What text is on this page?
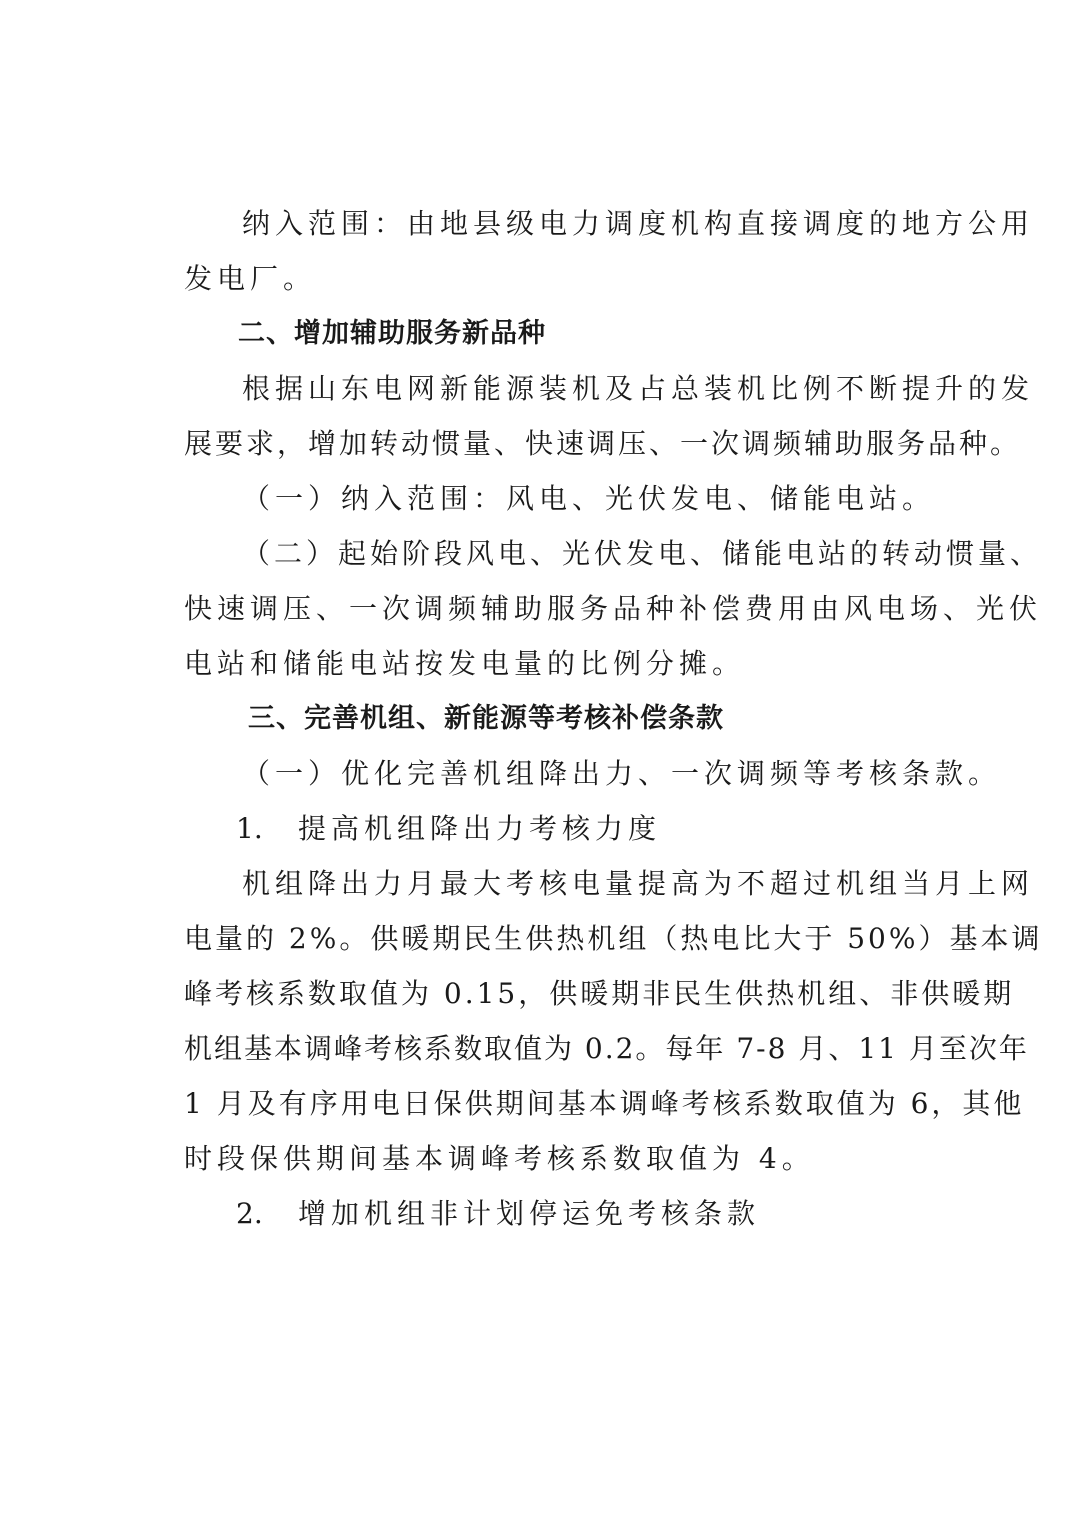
纳入范围：由地县级电力调度机构直接调度的地方公用
发电厂。
二、增加辅助服务新品种
根据山东电网新能源装机及占总装机比例不断提升的发
展要求，增加转动惯量、快速调压、一次调频辅助服务品种。
（一）纳入范围：风电、光伏发电、储能电站。
（二）起始阶段风电、光伏发电、储能电站的转动惯量、
快速调压、一次调频辅助服务品种补偿费用由风电场、光伏
电站和储能电站按发电量的比例分摊。
三、完善机组、新能源等考核补偿条款
（一）优化完善机组降出力、一次调频等考核条款。
1. 提高机组降出力考核力度
机组降出力月最大考核电量提高为不超过机组当月上网
电量的 2%。供暖期民生供热机组（热电比大于 50%）基本调
峰考核系数取值为 0.15，供暖期非民生供热机组、非供暖期
机组基本调峰考核系数取值为 0.2。每年 7-8 月、11 月至次年
1 月及有序用电日保供期间基本调峰考核系数取值为 6，其他
时段保供期间基本调峰考核系数取值为 4。
2. 增加机组非计划停运免考核条款
